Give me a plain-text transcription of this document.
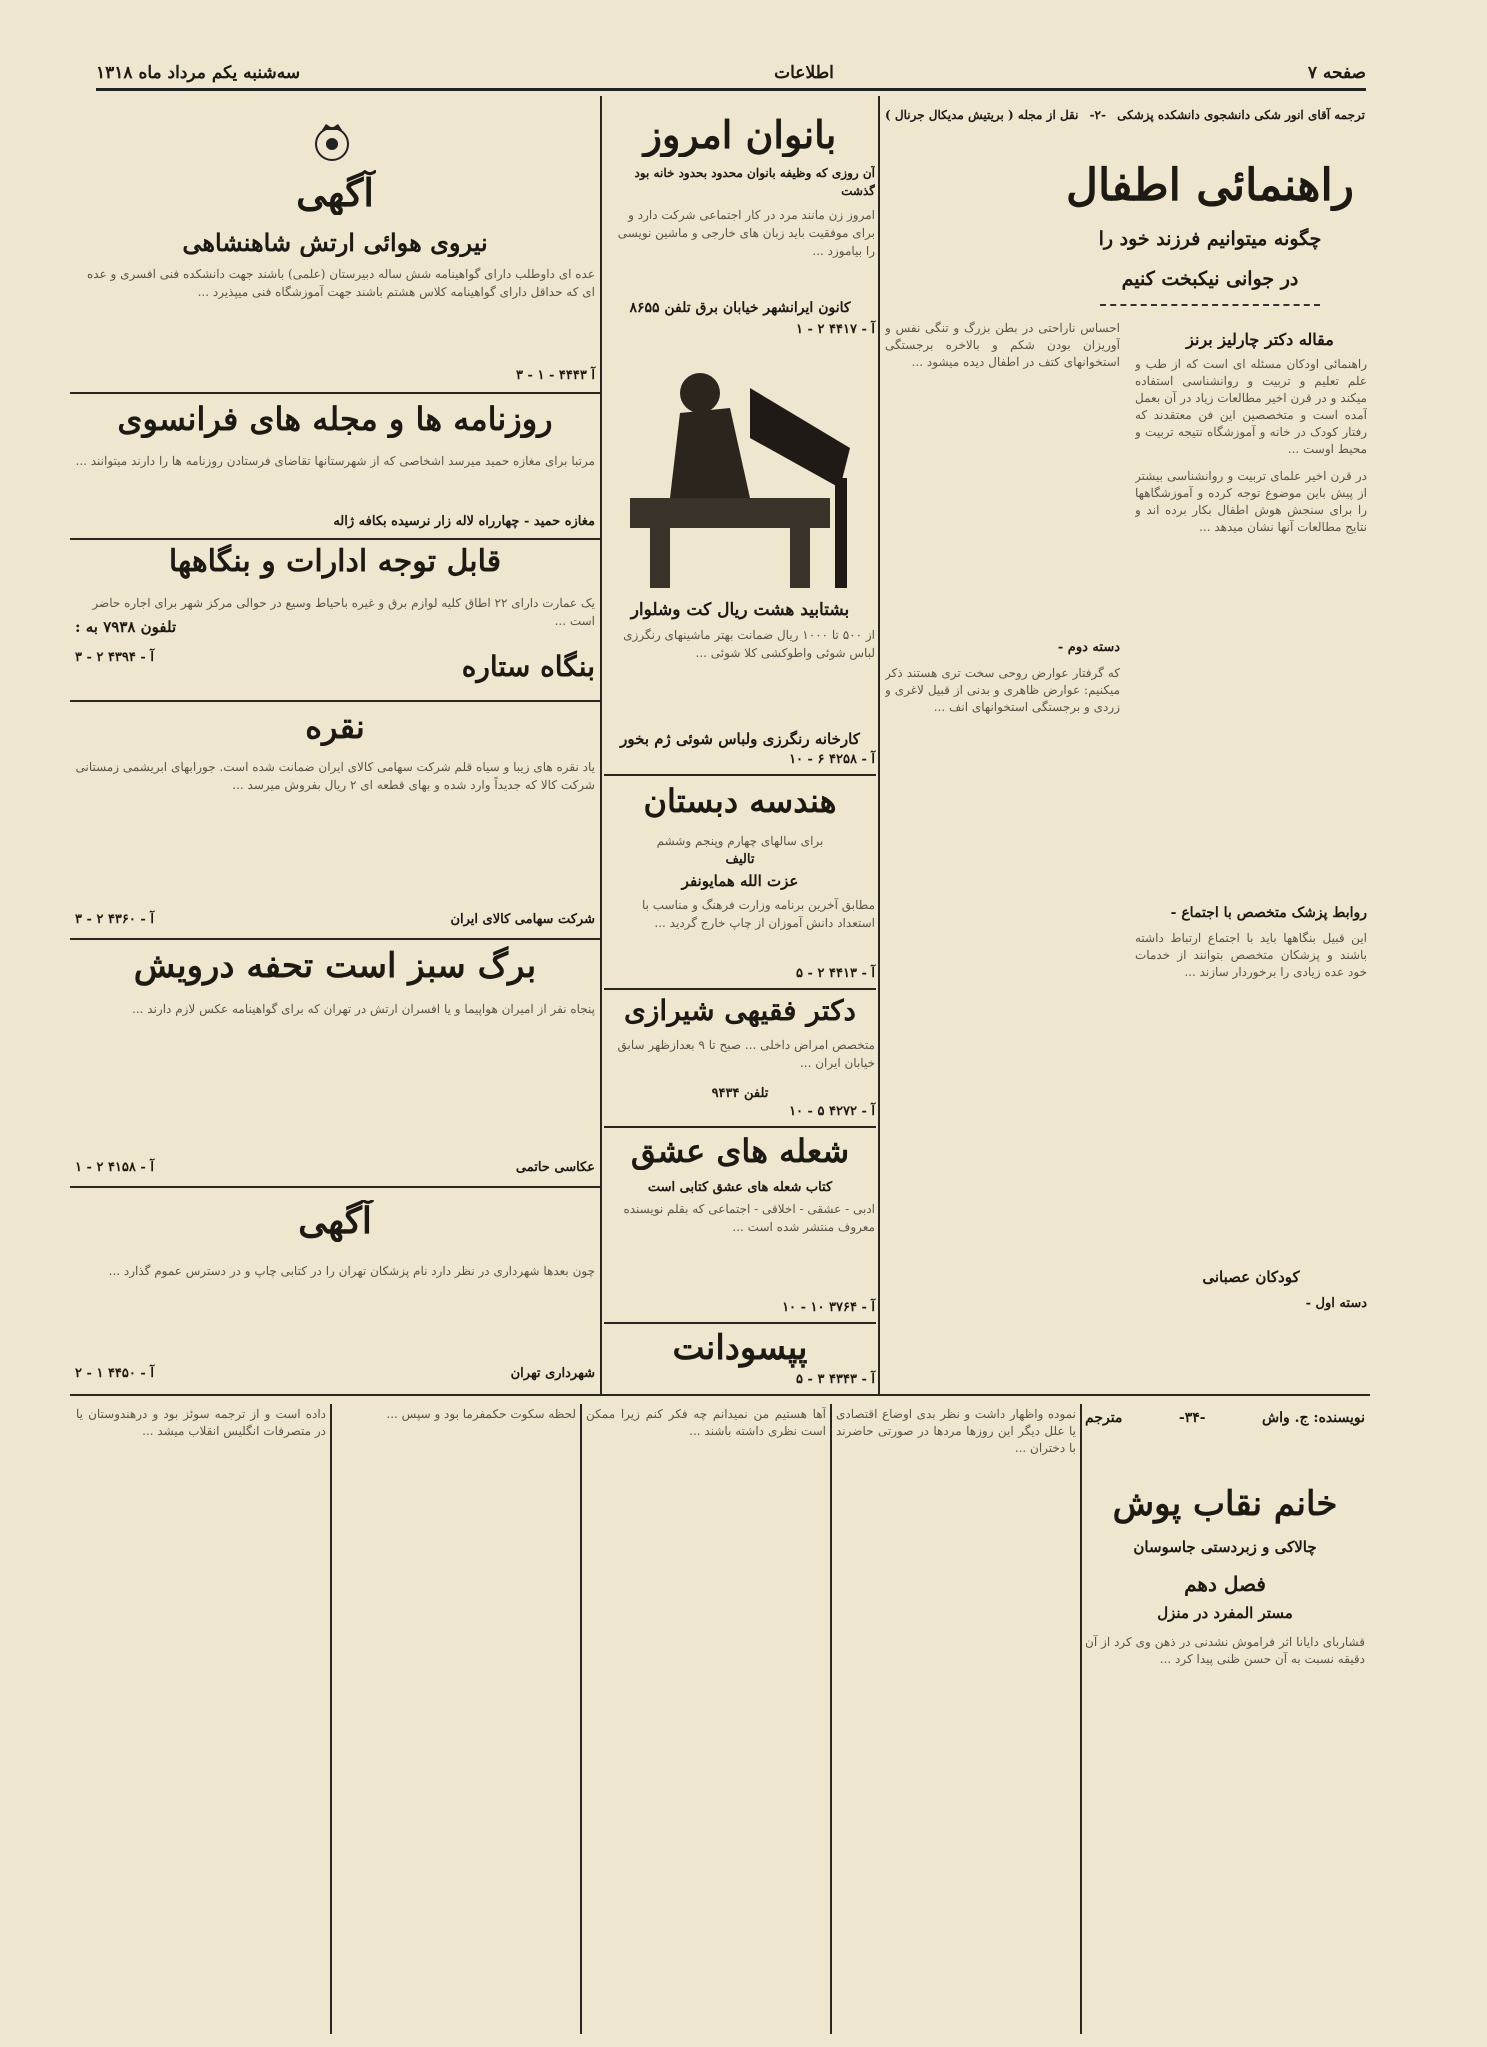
صفحه ۷
اطلاعات
سه‌شنبه یکم مرداد ماه ۱۳۱۸
ترجمه آقای انور شکی دانشجوی دانشکده پزشکی
-۲-
نقل از مجله ( بریتیش مدیکال جرنال )
راهنمائی اطفال
چگونه میتوانیم فرزند خود را
در جوانی نیکبخت کنیم
مقاله دکتر چارلیز برنز
راهنمائی اودکان مسئله ای است که از طب و علم تعلیم و تربیت و روانشناسی استفاده میکند و در قرن اخیر مطالعات زیاد در آن بعمل آمده است و متخصصین این فن معتقدند که رفتار کودک در خانه و آموزشگاه نتیجه تربیت و محیط اوست ...
در قرن اخیر علمای تربیت و روانشناسی بیشتر از پیش باین موضوع توجه کرده و آموزشگاهها را برای سنجش هوش اطفال بکار برده اند و نتایج مطالعات آنها نشان میدهد ...
روابط پزشک متخصص با اجتماع -
این قبیل بنگاهها باید با اجتماع ارتباط داشته باشند و پزشکان متخصص بتوانند از خدمات خود عده زیادی را برخوردار سازند ...
کودکان عصبانی
دسته اول -
احساس ناراحتی در بطن بزرگ و تنگی نفس و آوریزان بودن شکم و بالاخره برجستگی استخوانهای کتف در اطفال دیده میشود ...
دسته دوم -
که گرفتار عوارض روحی سخت تری هستند ذکر میکنیم: عوارض ظاهری و بدنی از قبیل لاغری و زردی و برجستگی استخوانهای انف ...
آگهی
نیروی هوائی ارتش شاهنشاهی
عده ای داوطلب دارای گواهینامه شش ساله دبیرستان (علمی) باشند جهت دانشکده فنی افسری و عده ای که حداقل دارای گواهینامه کلاس هشتم باشند جهت آموزشگاه فنی میپذیرد ...
آ ۴۴۴۳ - ۱ - ۳
روزنامه ها و مجله های فرانسوی
مرتبا برای مغازه حمید میرسد اشخاصی که از شهرستانها تقاضای فرستادن روزنامه ها را دارند میتوانند ...
مغازه حمید - چهارراه لاله زار نرسیده بکافه ژاله
قابل توجه ادارات و بنگاهها
یک عمارت دارای ۲۲ اطاق کلیه لوازم برق و غیره باحیاط وسیع در حوالی مرکز شهر برای اجاره حاضر است ...
تلفون ۷۹۳۸ به :
بنگاه ستاره
آ - ۴۳۹۴ ۲ - ۳
نقره
یاد نقره های زیبا و سیاه قلم شرکت سهامی کالای ایران ضمانت شده است. جورابهای ابریشمی زمستانی شرکت کالا که جدیداً وارد شده و بهای قطعه ای ۲ ریال بفروش میرسد ...
شرکت سهامی کالای ایران
آ - ۴۳۶۰ ۲ - ۳
برگ سبز است تحفه درویش
پنجاه نفر از امیران هواپیما و یا افسران ارتش در تهران که برای گواهینامه عکس لازم دارند ...
عکاسی حاتمی
آ - ۴۱۵۸ ۲ - ۱
آگهی
چون بعدها شهرداری در نظر دارد نام پزشکان تهران را در کتابی چاپ و در دسترس عموم گذارد ...
شهرداری تهران
آ - ۴۴۵۰ ۱ - ۲
بانوان امروز
آن روزی که وظیفه بانوان محدود بحدود خانه بود گذشت
امروز زن مانند مرد در کار اجتماعی شرکت دارد و برای موفقیت باید زبان های خارجی و ماشین نویسی را بیاموزد ...
کانون ایرانشهر خیابان برق تلفن ۸۶۵۵
آ - ۴۴۱۷ ۲ - ۱
بشتابید هشت ریال کت وشلوار
از ۵۰۰ تا ۱۰۰۰ ریال ضمانت بهتر ماشینهای رنگرزی لباس شوئی واطوکشی کلا شوئی ...
کارخانه رنگرزی ولباس شوئی ژم بخور
آ - ۴۲۵۸ ۶ - ۱۰
هندسه دبستان
برای سالهای چهارم وپنجم وششم
تالیف
عزت الله همایونفر
مطابق آخرین برنامه وزارت فرهنگ و مناسب با استعداد دانش آموزان از چاپ خارج گردید ...
آ - ۴۴۱۳ ۲ - ۵
دکتر فقیهی شیرازی
متخصص امراض داخلی ... صبح تا ۹ بعدازظهر سابق خیابان ایران ...
تلفن ۹۴۳۴
آ - ۴۲۷۲ ۵ - ۱۰
شعله های عشق
کتاب شعله های عشق کتابی است
ادبی - عشقی - اخلاقی - اجتماعی که بقلم نویسنده معروف منتشر شده است ...
آ - ۳۷۶۴ ۱۰ - ۱۰
پپسودانت
آ - ۴۳۴۳ ۳ - ۵
نویسنده: ج. واش
-۳۴-
مترجم
خانم نقاب پوش
چالاکی و زبردستی جاسوسان
فصل دهم
مستر المفرد در منزل
قشاربای دایانا اثر فراموش نشدنی در ذهن وی کرد از آن دقیقه نسبت به آن حسن ظنی پیدا کرد ...
نموده واظهار داشت و نظر بدی اوضاع اقتصادی یا علل دیگر این روزها مردها در صورتی حاضرند با دختران ...
آها هستیم من نمیدانم چه فکر کنم زیرا ممکن است نظری داشته باشند ...
لحظه سکوت حکمفرما بود و سپس ...
داده است و از ترجمه سوئز بود و درهندوستان یا در متصرفات انگلیس انقلاب میشد ...
